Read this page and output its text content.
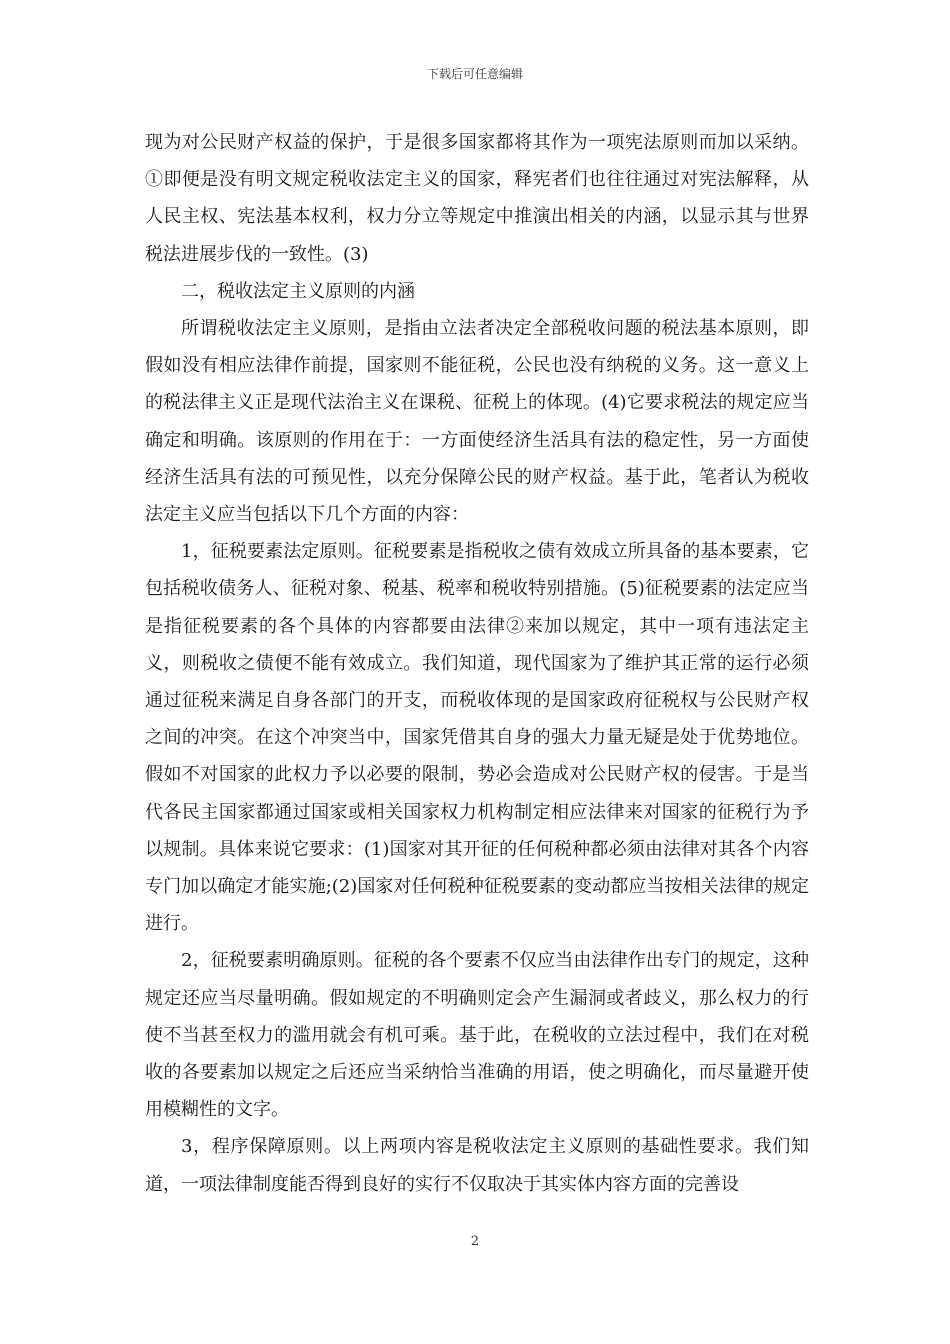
下载后可任意编辑

现为对公民财产权益的保护，于是很多国家都将其作为一项宪法原则而加以采纳。①即便是没有明文规定税收法定主义的国家，释宪者们也往往通过对宪法解释，从人民主权、宪法基本权利，权力分立等规定中推演出相关的内涵，以显示其与世界税法进展步伐的一致性。(3)

二，税收法定主义原则的内涵

所谓税收法定主义原则，是指由立法者决定全部税收问题的税法基本原则，即假如没有相应法律作前提，国家则不能征税，公民也没有纳税的义务。这一意义上的税法律主义正是现代法治主义在课税、征税上的体现。(4)它要求税法的规定应当确定和明确。该原则的作用在于：一方面使经济生活具有法的稳定性，另一方面使经济生活具有法的可预见性，以充分保障公民的财产权益。基于此，笔者认为税收法定主义应当包括以下几个方面的内容：

1，征税要素法定原则。征税要素是指税收之债有效成立所具备的基本要素，它包括税收债务人、征税对象、税基、税率和税收特别措施。(5)征税要素的法定应当是指征税要素的各个具体的内容都要由法律②来加以规定，其中一项有违法定主义，则税收之债便不能有效成立。我们知道，现代国家为了维护其正常的运行必须通过征税来满足自身各部门的开支，而税收体现的是国家政府征税权与公民财产权之间的冲突。在这个冲突当中，国家凭借其自身的强大力量无疑是处于优势地位。假如不对国家的此权力予以必要的限制，势必会造成对公民财产权的侵害。于是当代各民主国家都通过国家或相关国家权力机构制定相应法律来对国家的征税行为予以规制。具体来说它要求：(1)国家对其开征的任何税种都必须由法律对其各个内容专门加以确定才能实施;(2)国家对任何税种征税要素的变动都应当按相关法律的规定进行。

2，征税要素明确原则。征税的各个要素不仅应当由法律作出专门的规定，这种规定还应当尽量明确。假如规定的不明确则定会产生漏洞或者歧义，那么权力的行使不当甚至权力的滥用就会有机可乘。基于此，在税收的立法过程中，我们在对税收的各要素加以规定之后还应当采纳恰当准确的用语，使之明确化，而尽量避开使用模糊性的文字。

3，程序保障原则。以上两项内容是税收法定主义原则的基础性要求。我们知道，一项法律制度能否得到良好的实行不仅取决于其实体内容方面的完善设

2
